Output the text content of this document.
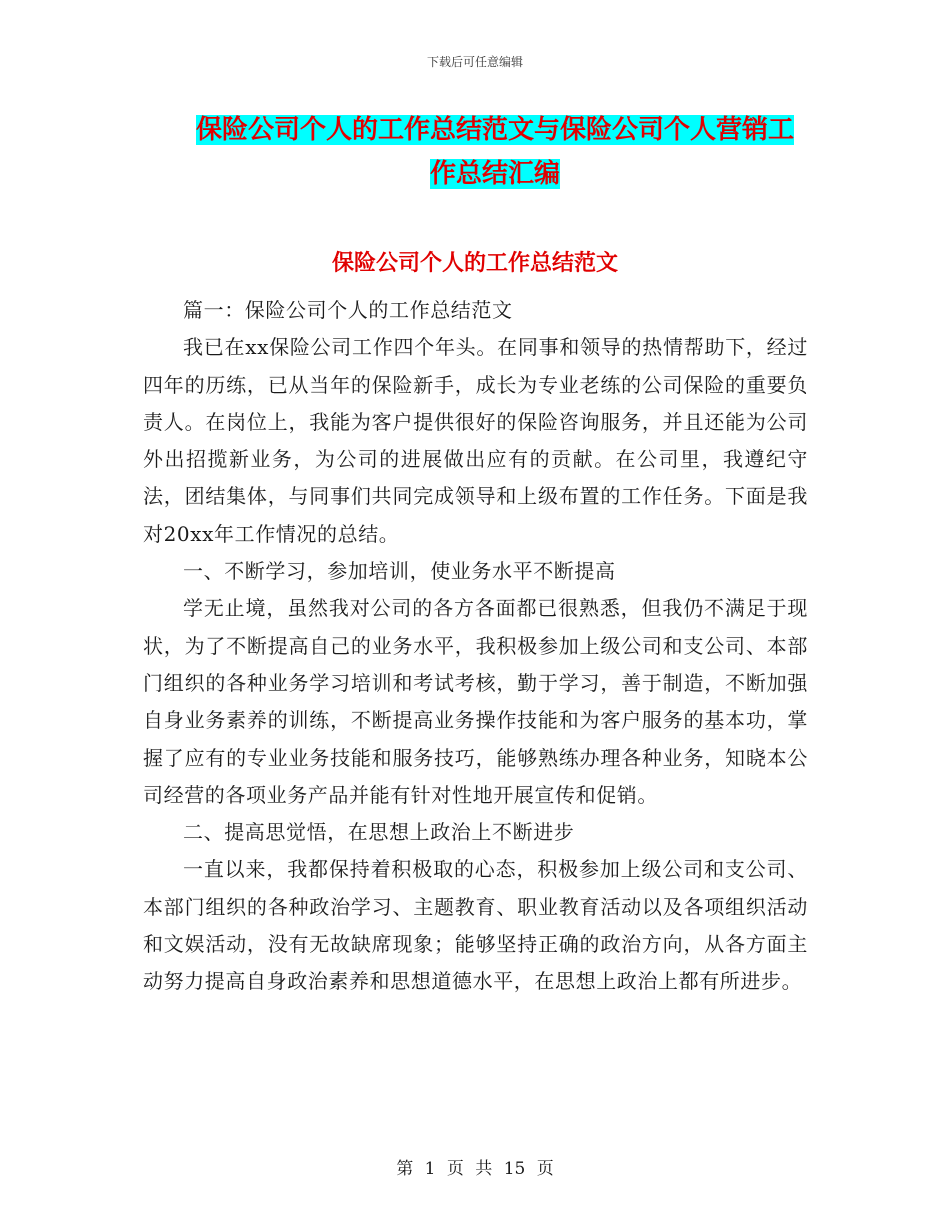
下载后可任意编辑
保险公司个人的工作总结范文与保险公司个人营销工
作总结汇编
保险公司个人的工作总结范文

篇一：保险公司个人的工作总结范文

我已在xx保险公司工作四个年头。在同事和领导的热情帮助下，经过四年的历练，已从当年的保险新手，成长为专业老练的公司保险的重要负责人。在岗位上，我能为客户提供很好的保险咨询服务，并且还能为公司外出招揽新业务，为公司的进展做出应有的贡献。在公司里，我遵纪守法，团结集体，与同事们共同完成领导和上级布置的工作任务。下面是我对20xx年工作情况的总结。

一、不断学习，参加培训，使业务水平不断提高

学无止境，虽然我对公司的各方各面都已很熟悉，但我仍不满足于现状，为了不断提高自己的业务水平，我积极参加上级公司和支公司、本部门组织的各种业务学习培训和考试考核，勤于学习，善于制造，不断加强自身业务素养的训练，不断提高业务操作技能和为客户服务的基本功，掌握了应有的专业业务技能和服务技巧，能够熟练办理各种业务，知晓本公司经营的各项业务产品并能有针对性地开展宣传和促销。

二、提高思觉悟，在思想上政治上不断进步

一直以来，我都保持着积极取的心态，积极参加上级公司和支公司、本部门组织的各种政治学习、主题教育、职业教育活动以及各项组织活动和文娱活动，没有无故缺席现象；能够坚持正确的政治方向，从各方面主动努力提高自身政治素养和思想道德水平，在思想上政治上都有所进步。

第 1 页 共 15 页
